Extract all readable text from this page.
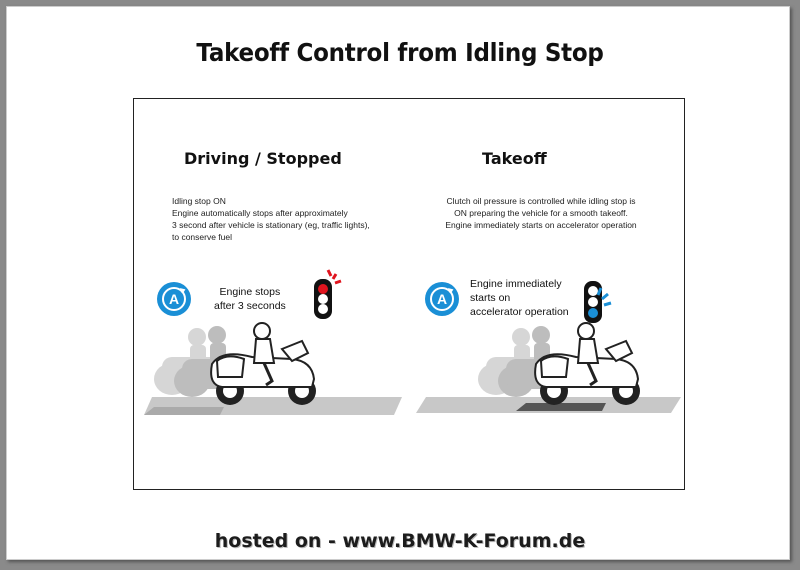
Takeoff Control from Idling Stop
Driving / Stopped
Idling stop ON
Engine automatically stops after approximately
3 second after vehicle is stationary (eg, traffic lights),
to conserve fuel
A	Engine stops
after 3 seconds
Takeoff
Clutch oil pressure is controlled while idling stop is
ON preparing the vehicle for a smooth takeoff.
Engine immediately starts on accelerator operation
A
Engine immediately
starts on
accelerator operation
hosted on - www.BMW-K-Forum.de
